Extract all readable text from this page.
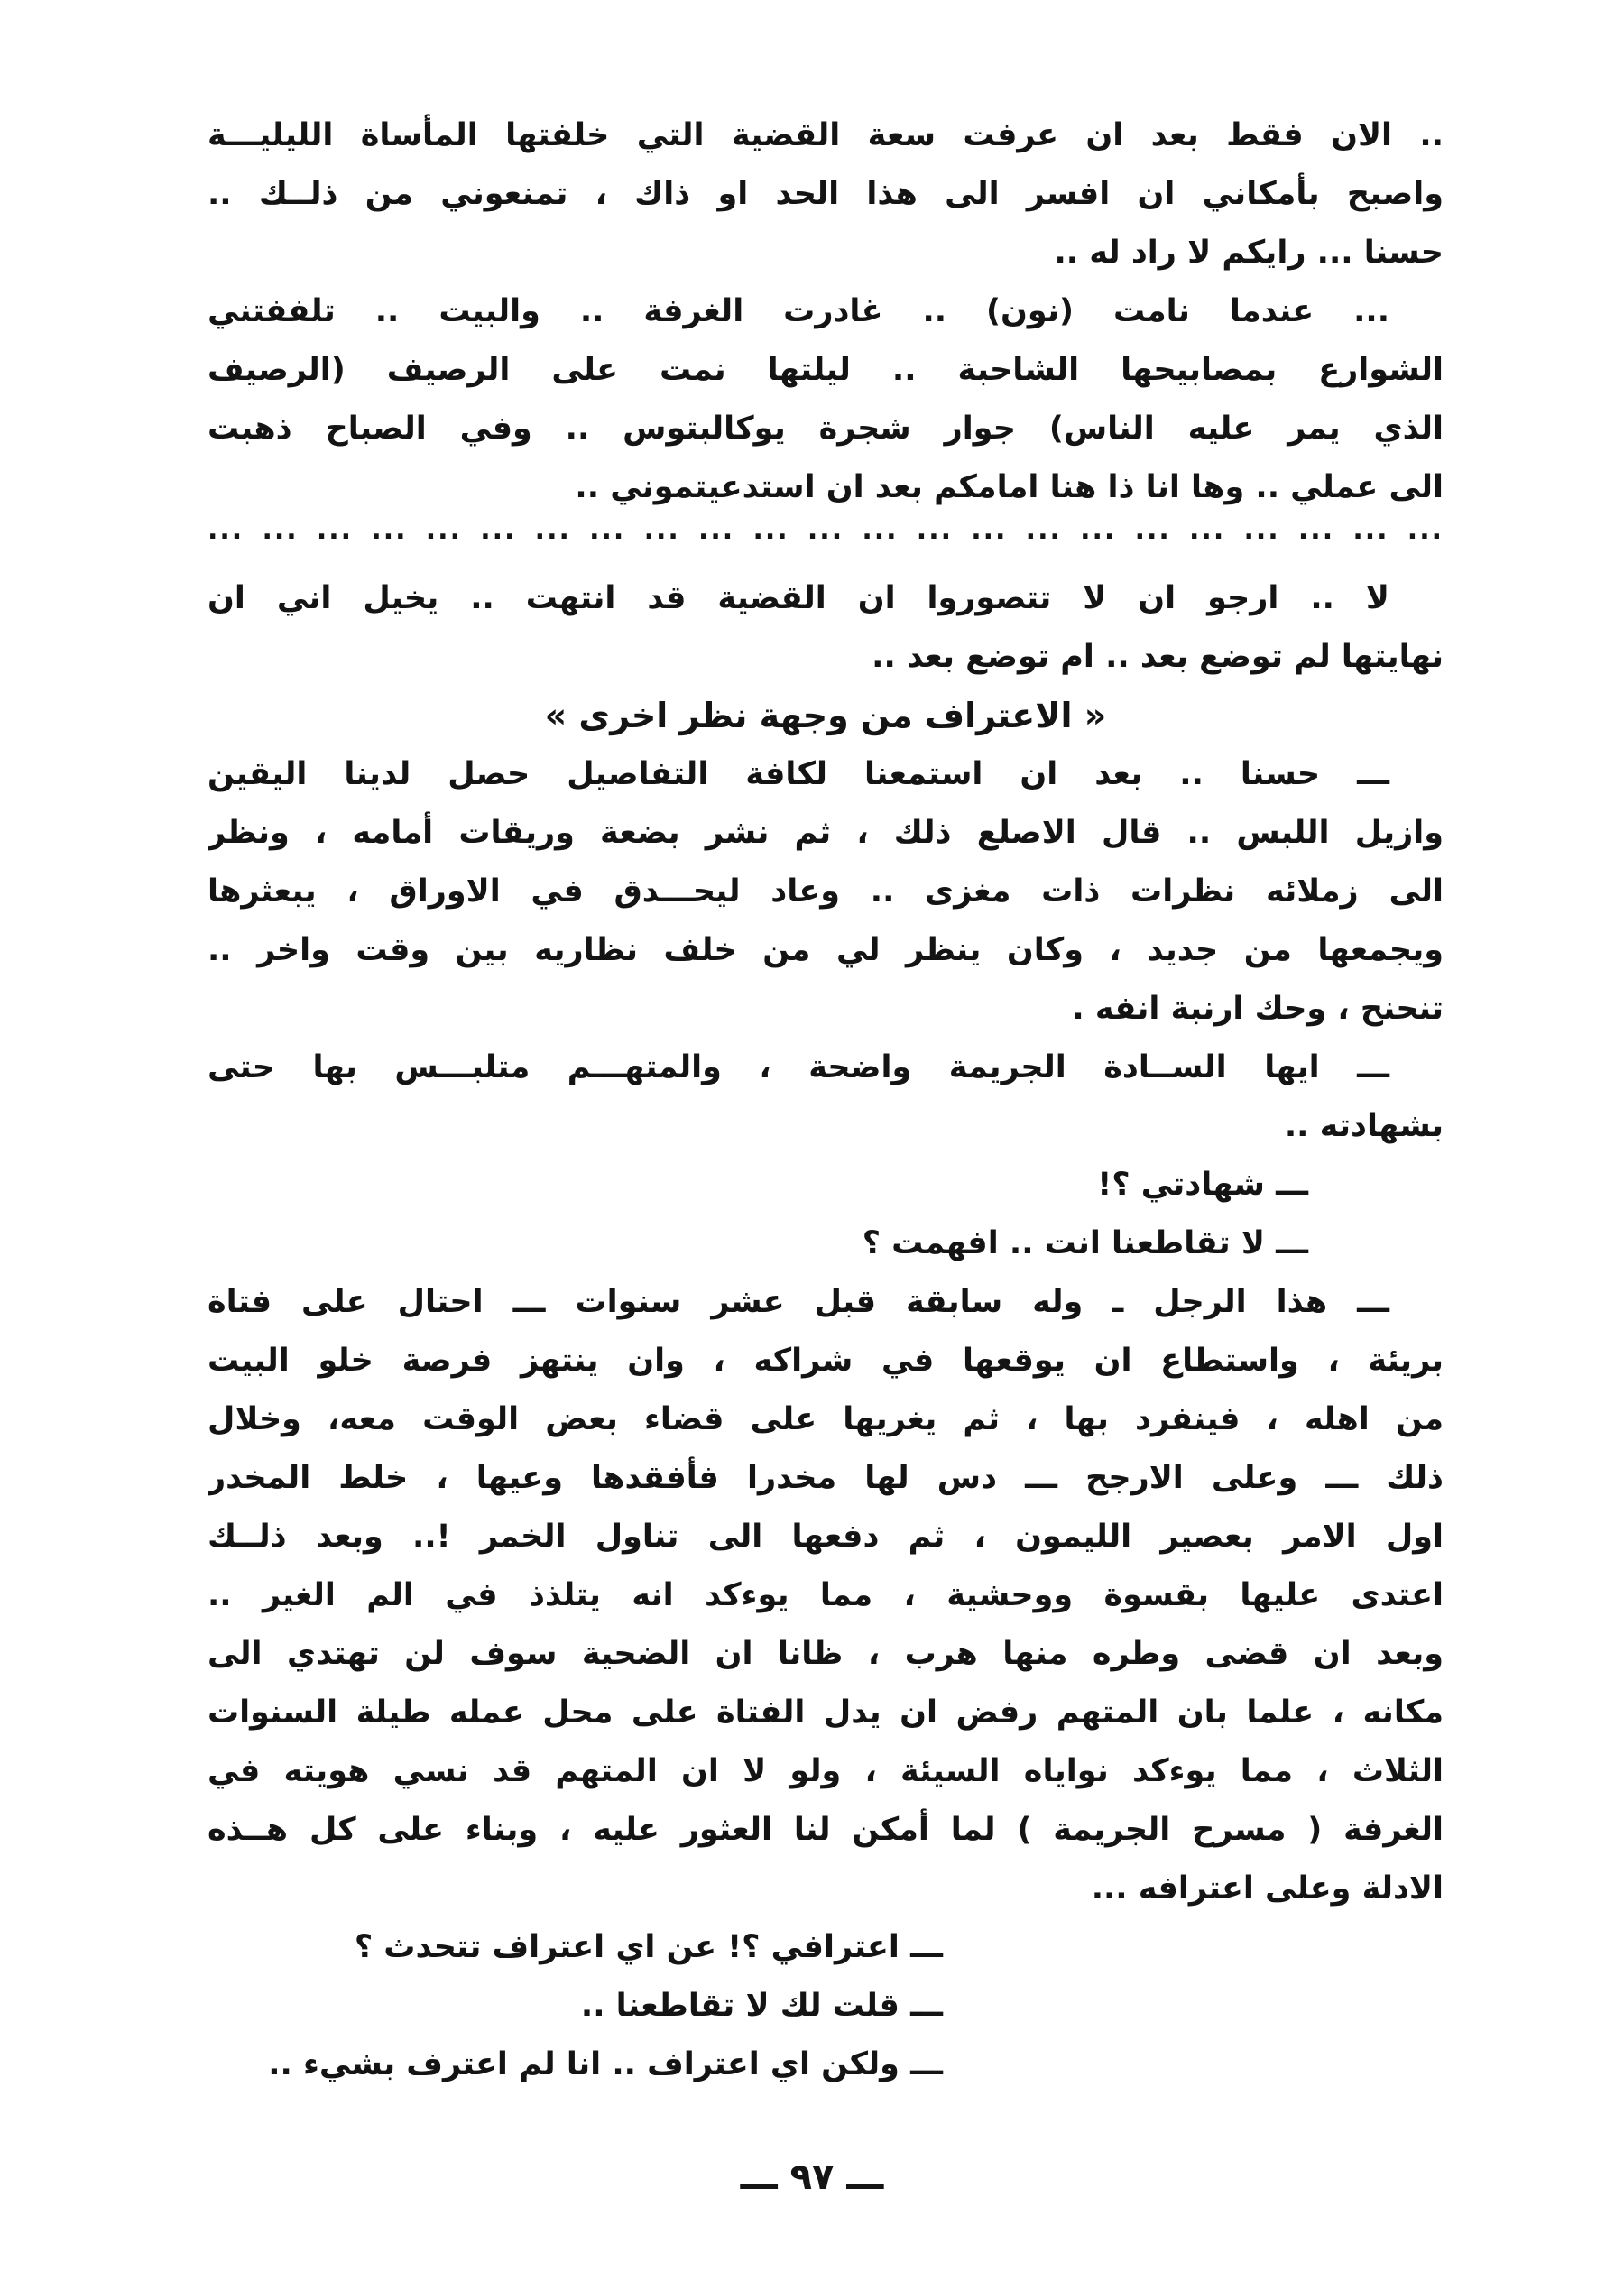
.. الان فقط بعد ان عرفت سعة القضية التي خلفتها المأساة الليليـــة
واصبح بأمكاني ان افسر الى هذا الحد او ذاك ، تمنعوني من ذلــك ..
حسنا ... رايكم لا راد له ..
... عندما نامت (نون) .. غادرت الغرفة .. والبيت .. تلففتني
الشوارع بمصابيحها الشاحبة .. ليلتها نمت على الرصيف (الرصيف
الذي يمر عليه الناس) جوار شجرة يوكالبتوس .. وفي الصباح ذهبت
الى عملي .. وها انا ذا هنا امامكم بعد ان استدعيتموني ..
... ... ... ... ... ... ... ... ... ... ... ... ... ... ... ... ... ... ... ... ... ... ...
لا .. ارجو ان لا تتصوروا ان القضية قد انتهت .. يخيل اني ان
نهايتها لم توضع بعد .. ام توضع بعد ..
« الاعتراف من وجهة نظر اخرى »
ـــ حسنا .. بعد ان استمعنا لكافة التفاصيل حصل لدينا اليقين
وازيل اللبس .. قال الاصلع ذلك ، ثم نشر بضعة وريقات أمامه ، ونظر
الى زملائه نظرات ذات مغزى .. وعاد ليحـــدق في الاوراق ، يبعثرها
ويجمعها من جديد ، وكان ينظر لي من خلف نظاريه بين وقت واخر ..
تنحنح ، وحك ارنبة انفه .
ـــ ايها الســادة الجريمة واضحة ، والمتهـــم متلبـــس بها حتى
بشهادته ..
ـــ شهادتي ؟!
ـــ لا تقاطعنا انت .. افهمت ؟
ـــ هذا الرجل ـ وله سابقة قبل عشر سنوات ـــ احتال على فتاة
بريئة ، واستطاع ان يوقعها في شراكه ، وان ينتهز فرصة خلو البيت
من اهله ، فينفرد بها ، ثم يغريها على قضاء بعض الوقت معه، وخلال
ذلك ـــ وعلى الارجح ـــ دس لها مخدرا فأفقدها وعيها ، خلط المخدر
اول الامر بعصير الليمون ، ثم دفعها الى تناول الخمر !.. وبعد ذلــك
اعتدى عليها بقسوة ووحشية ، مما يوءكد انه يتلذذ في الم الغير ..
وبعد ان قضى وطره منها هرب ، ظانا ان الضحية سوف لن تهتدي الى
مكانه ، علما بان المتهم رفض ان يدل الفتاة على محل عمله طيلة السنوات
الثلاث ، مما يوءكد نواياه السيئة ، ولو لا ان المتهم قد نسي هويته في
الغرفة ( مسرح الجريمة ) لما أمكن لنا العثور عليه ، وبناء على كل هــذه
الادلة وعلى اعترافه ...
ـــ اعترافي ؟! عن اي اعتراف تتحدث ؟
ـــ قلت لك لا تقاطعنا ..
ـــ ولكن اي اعتراف .. انا لم اعترف بشيء ..
ـــ ٩٧ ـــ
